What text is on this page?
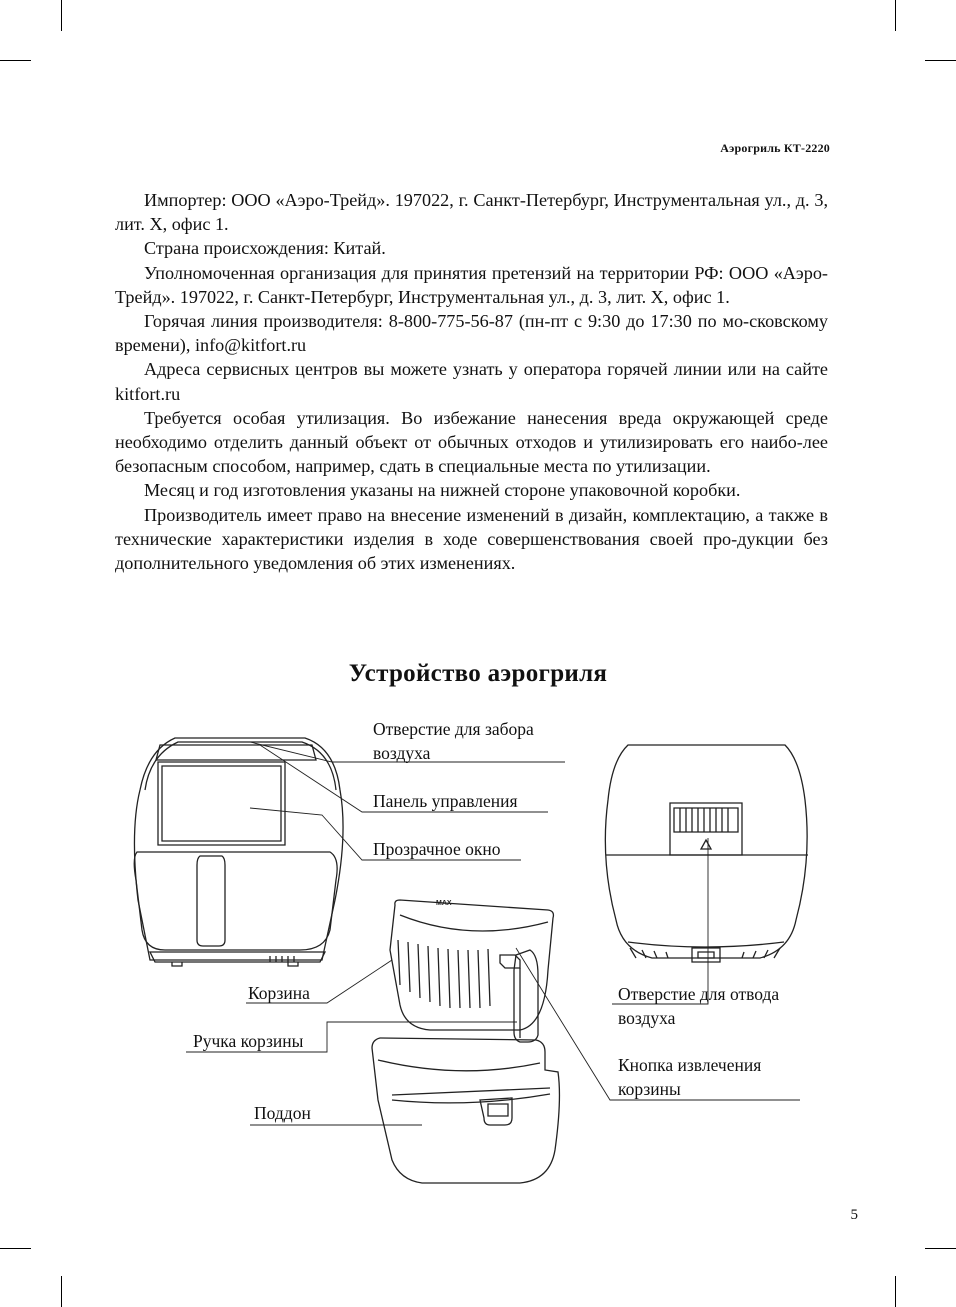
Аэрогриль КТ-2220

Импортер: ООО «Аэро-Трейд». 197022, г. Санкт-Петербург, Инструментальная ул., д. 3, лит. Х, офис 1.

Страна происхождения: Китай.

Уполномоченная организация для принятия претензий на территории РФ: ООО «Аэро-Трейд». 197022, г. Санкт-Петербург, Инструментальная ул., д. 3, лит. Х, офис 1.

Горячая линия производителя: 8-800-775-56-87 (пн-пт с 9:30 до 17:30 по мо-сковскому времени), info@kitfort.ru

Адреса сервисных центров вы можете узнать у оператора горячей линии или на сайте kitfort.ru

Требуется особая утилизация. Во избежание нанесения вреда окружающей среде необходимо отделить данный объект от обычных отходов и утилизировать его наибо-лее безопасным способом, например, сдать в специальные места по утилизации.

Месяц и год изготовления указаны на нижней стороне упаковочной коробки.

Производитель имеет право на внесение изменений в дизайн, комплектацию, а также в технические характеристики изделия в ходе совершенствования своей про-дукции без дополнительного уведомления об этих изменениях.

Устройство аэрогриля
MAX
Отверстие для забора
воздуха
Панель управления
Прозрачное окно
Корзина
Ручка корзины
Поддон
Отверстие для отвода
воздуха
Кнопка извлечения
корзины
5
